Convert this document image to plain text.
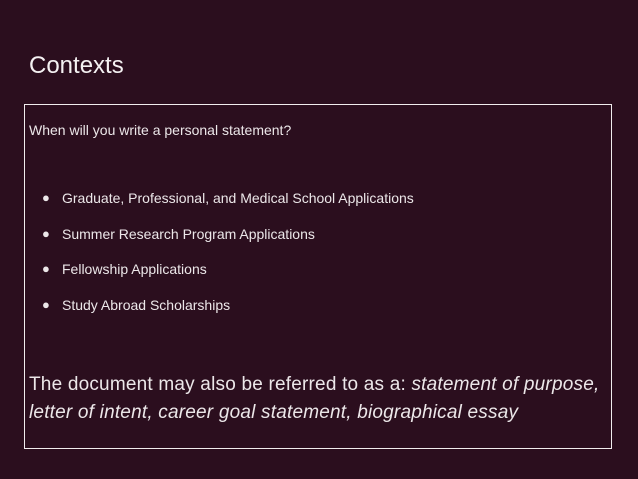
Contexts
When will you write a personal statement?
● Graduate, Professional, and Medical School Applications
● Summer Research Program Applications
● Fellowship Applications
● Study Abroad Scholarships

The document may also be referred to as a: statement of purpose, letter of intent, career goal statement, biographical essay
